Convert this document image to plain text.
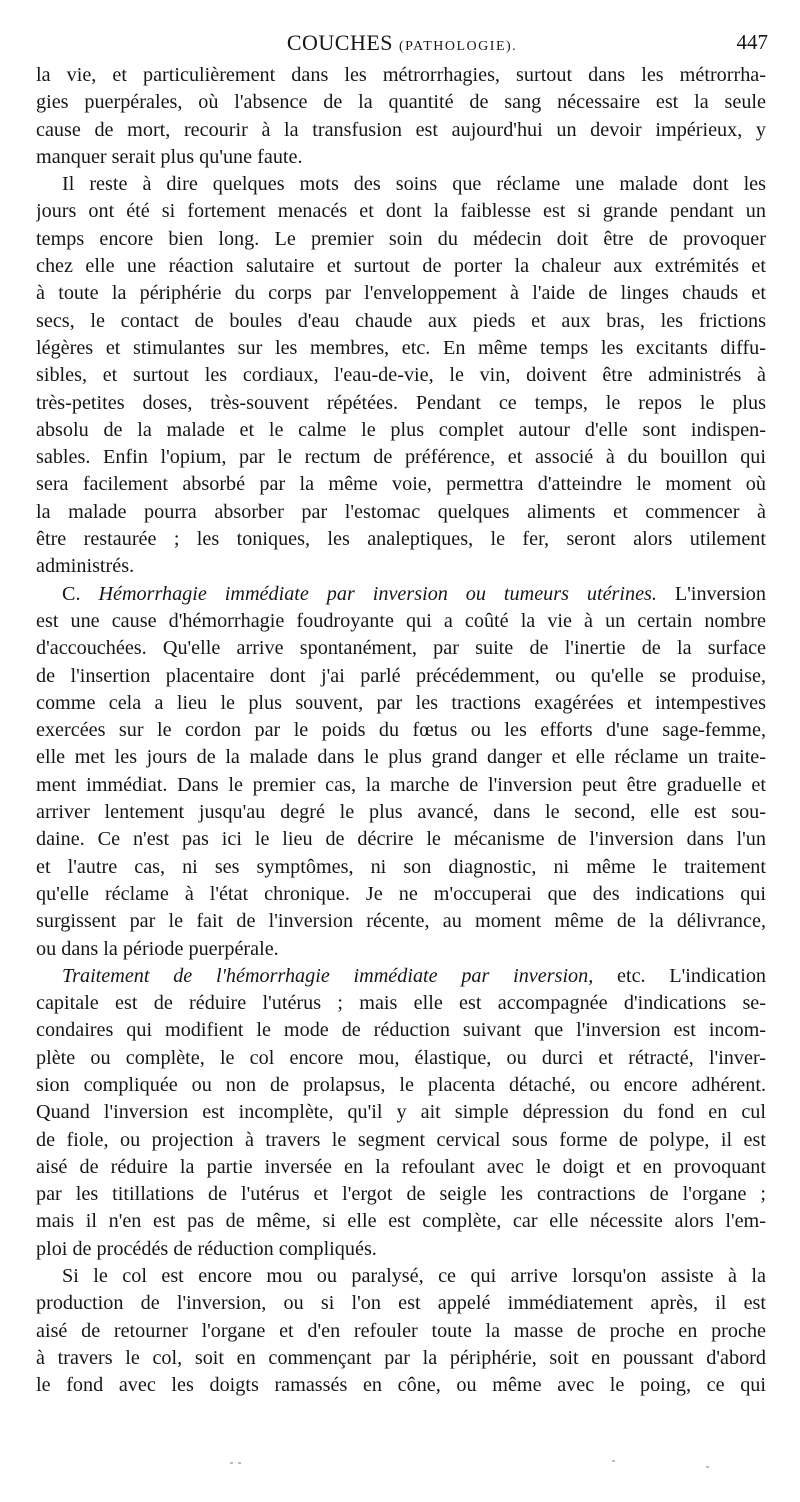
COUCHES (PATHOLOGIE).	447
la vie, et particulièrement dans les métrorrhagies, surtout dans les métrorrha-
gies puerpérales, où l'absence de la quantité de sang nécessaire est la seule
cause de mort, recourir à la transfusion est aujourd'hui un devoir impérieux, y
manquer serait plus qu'une faute.
Il reste à dire quelques mots des soins que réclame une malade dont les
jours ont été si fortement menacés et dont la faiblesse est si grande pendant un
temps encore bien long. Le premier soin du médecin doit être de provoquer
chez elle une réaction salutaire et surtout de porter la chaleur aux extrémités et
à toute la périphérie du corps par l'enveloppement à l'aide de linges chauds et
secs, le contact de boules d'eau chaude aux pieds et aux bras, les frictions
légères et stimulantes sur les membres, etc. En même temps les excitants diffu-
sibles, et surtout les cordiaux, l'eau-de-vie, le vin, doivent être administrés à
très-petites doses, très-souvent répétées. Pendant ce temps, le repos le plus
absolu de la malade et le calme le plus complet autour d'elle sont indispen-
sables. Enfin l'opium, par le rectum de préférence, et associé à du bouillon qui
sera facilement absorbé par la même voie, permettra d'atteindre le moment où
la malade pourra absorber par l'estomac quelques aliments et commencer à
être restaurée ; les toniques, les analeptiques, le fer, seront alors utilement
administrés.
C. Hémorrhagie immédiate par inversion ou tumeurs utérines. L'inversion
est une cause d'hémorrhagie foudroyante qui a coûté la vie à un certain nombre
d'accouchées. Qu'elle arrive spontanément, par suite de l'inertie de la surface
de l'insertion placentaire dont j'ai parlé précédemment, ou qu'elle se produise,
comme cela a lieu le plus souvent, par les tractions exagérées et intempestives
exercées sur le cordon par le poids du fœtus ou les efforts d'une sage-femme,
elle met les jours de la malade dans le plus grand danger et elle réclame un traite-
ment immédiat. Dans le premier cas, la marche de l'inversion peut être graduelle et
arriver lentement jusqu'au degré le plus avancé, dans le second, elle est sou-
daine. Ce n'est pas ici le lieu de décrire le mécanisme de l'inversion dans l'un
et l'autre cas, ni ses symptômes, ni son diagnostic, ni même le traitement
qu'elle réclame à l'état chronique. Je ne m'occuperai que des indications qui
surgissent par le fait de l'inversion récente, au moment même de la délivrance,
ou dans la période puerpérale.
Traitement de l'hémorrhagie immédiate par inversion, etc. L'indication
capitale est de réduire l'utérus ; mais elle est accompagnée d'indications se-
condaires qui modifient le mode de réduction suivant que l'inversion est incom-
plète ou complète, le col encore mou, élastique, ou durci et rétracté, l'inver-
sion compliquée ou non de prolapsus, le placenta détaché, ou encore adhérent.
Quand l'inversion est incomplète, qu'il y ait simple dépression du fond en cul
de fiole, ou projection à travers le segment cervical sous forme de polype, il est
aisé de réduire la partie inversée en la refoulant avec le doigt et en provoquant
par les titillations de l'utérus et l'ergot de seigle les contractions de l'organe ;
mais il n'en est pas de même, si elle est complète, car elle nécessite alors l'em-
ploi de procédés de réduction compliqués.
Si le col est encore mou ou paralysé, ce qui arrive lorsqu'on assiste à la
production de l'inversion, ou si l'on est appelé immédiatement après, il est
aisé de retourner l'organe et d'en refouler toute la masse de proche en proche
à travers le col, soit en commençant par la périphérie, soit en poussant d'abord
le fond avec les doigts ramassés en cône, ou même avec le poing, ce qui
